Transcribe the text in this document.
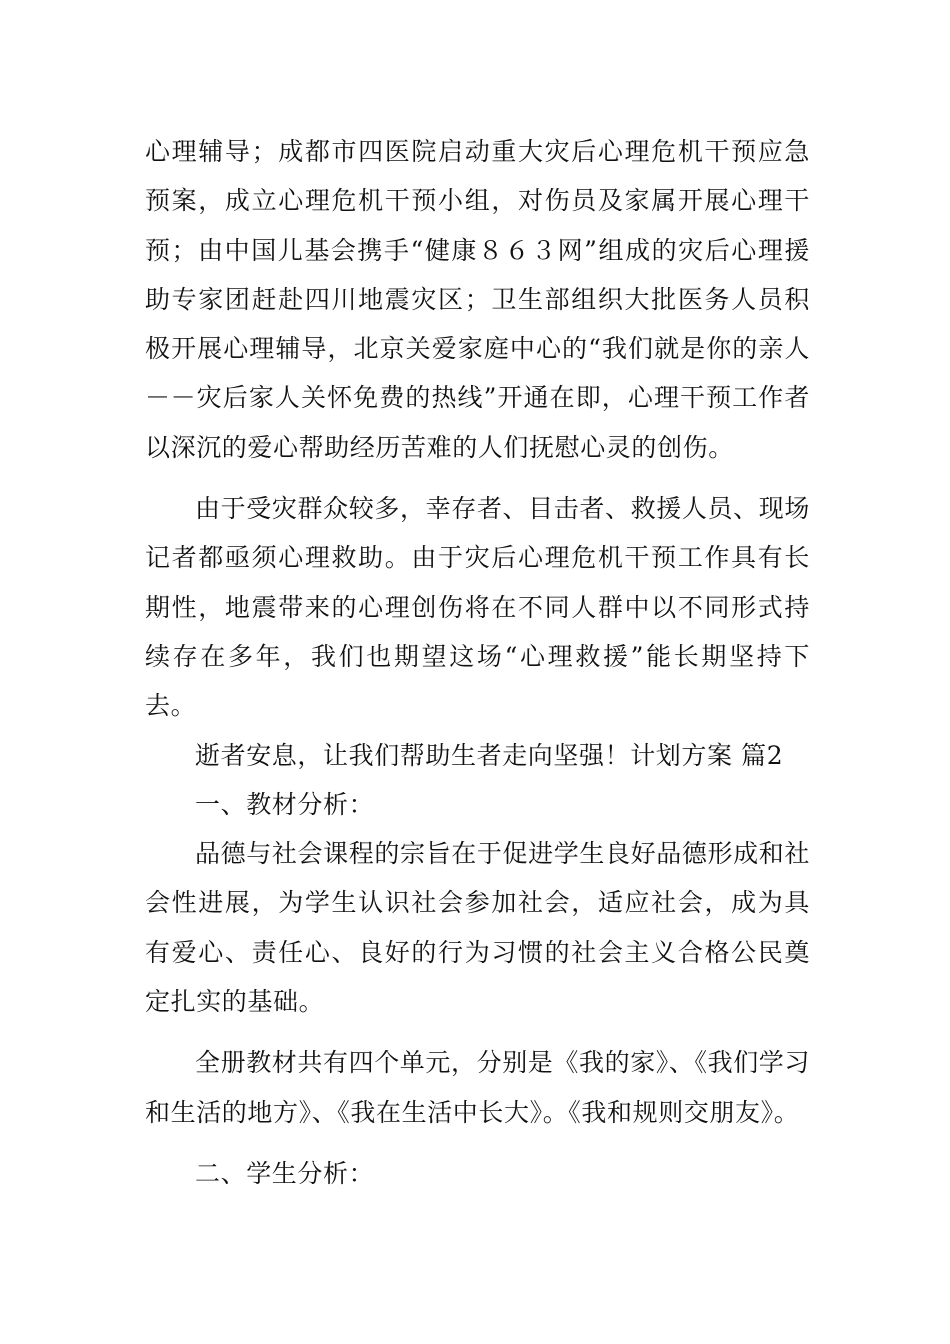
心理辅导；成都市四医院启动重大灾后心理危机干预应急预案，成立心理危机干预小组，对伤员及家属开展心理干预；由中国儿基会携手“健康８６３网”组成的灾后心理援助专家团赶赴四川地震灾区；卫生部组织大批医务人员积极开展心理辅导，北京关爱家庭中心的“我们就是你的亲人－－灾后家人关怀免费的热线”开通在即，心理干预工作者以深沉的爱心帮助经历苦难的人们抚慰心灵的创伤。

由于受灾群众较多，幸存者、目击者、救援人员、现场记者都亟须心理救助。由于灾后心理危机干预工作具有长期性，地震带来的心理创伤将在不同人群中以不同形式持续存在多年，我们也期望这场“心理救援”能长期坚持下去。

逝者安息，让我们帮助生者走向坚强！计划方案 篇2

一、教材分析：

品德与社会课程的宗旨在于促进学生良好品德形成和社会性进展，为学生认识社会参加社会，适应社会，成为具有爱心、责任心、良好的行为习惯的社会主义合格公民奠定扎实的基础。

全册教材共有四个单元，分别是《我的家》、《我们学习和生活的地方》、《我在生活中长大》。《我和规则交朋友》。

二、学生分析：
